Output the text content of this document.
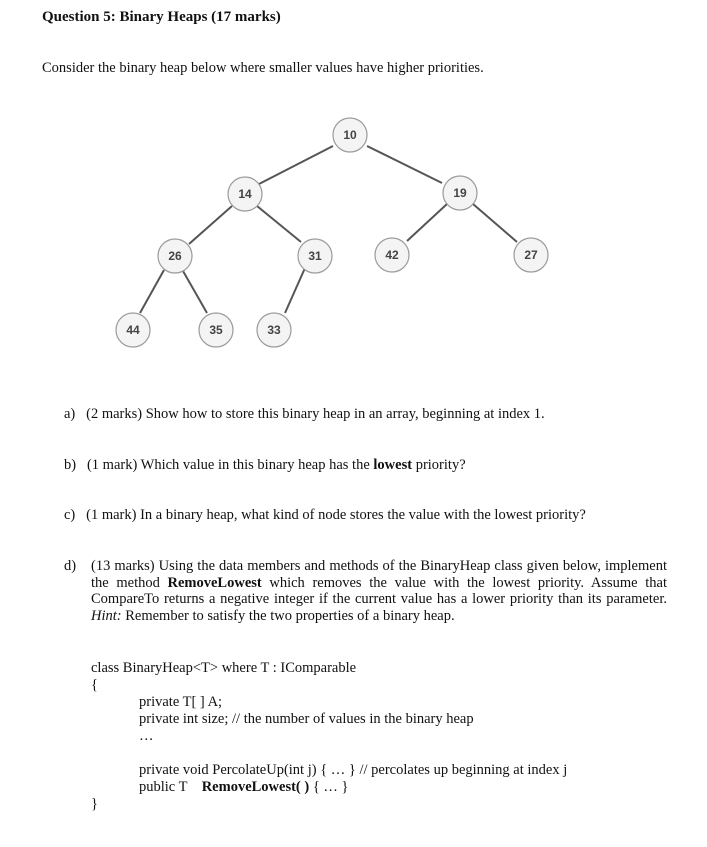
Question 5: Binary Heaps (17 marks)
Consider the binary heap below where smaller values have higher priorities.
10
14	19
26	31	42	27
44	35	33
a) (2 marks) Show how to store this binary heap in an array, beginning at index 1.
b) (1 mark) Which value in this binary heap has the lowest priority?
c) (1 mark) In a binary heap, what kind of node stores the value with the lowest priority?
d) (13 marks) Using the data members and methods of the BinaryHeap class given below, implement the method RemoveLowest which removes the value with the lowest priority. Assume that CompareTo returns a negative integer if the current value has a lower priority than its parameter. Hint: Remember to satisfy the two properties of a binary heap.
class BinaryHeap<T> where T : IComparable
{
private T[ ] A;
private int size; // the number of values in the binary heap
…
private void PercolateUp(int j) { … } // percolates up beginning at index j
public T    RemoveLowest( ) { … }
}
